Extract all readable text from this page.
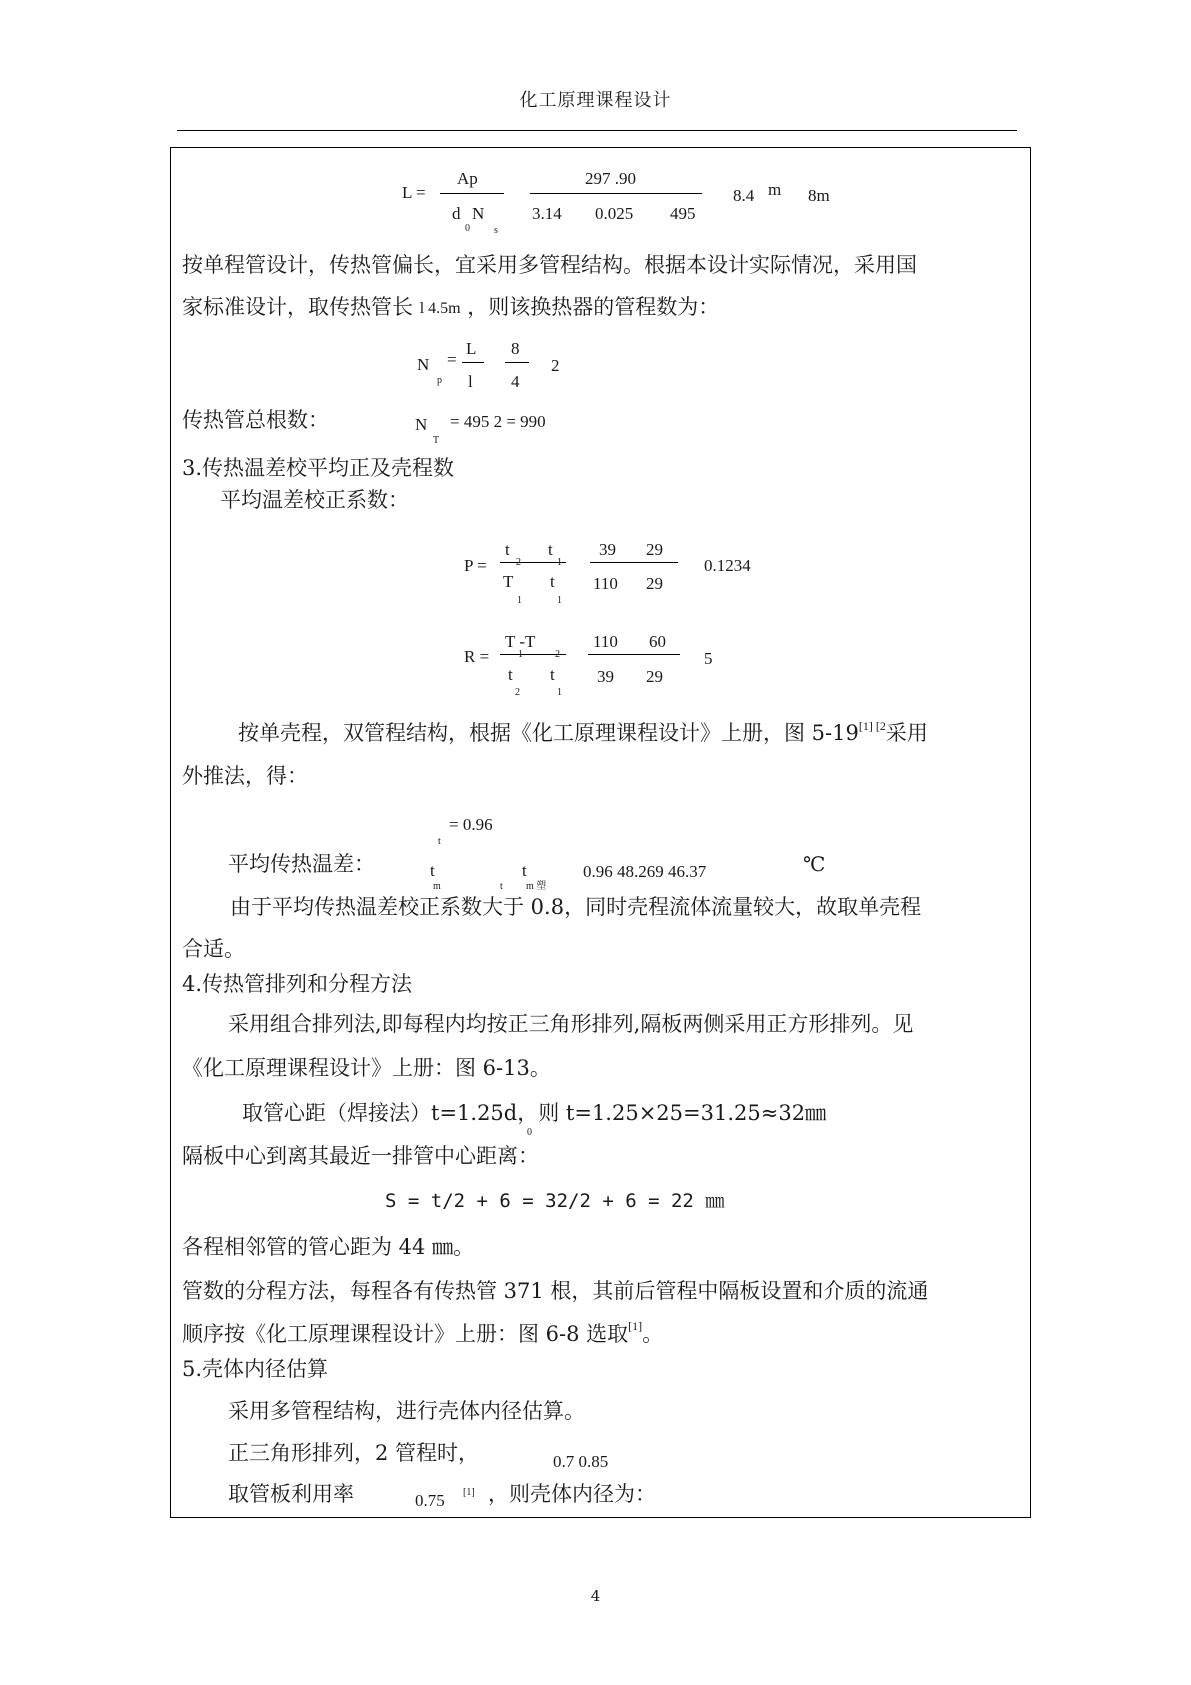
化工原理课程设计
L =
Ap
d N
0 s
297 .90
3.14 0.025 495
8.4 m 8m
按单程管设计，传热管偏长，宜采用多管程结构。根据本设计实际情况，采用国
家标准设计，取传热管长 l 4.5m ，则该换热器的管程数为：
N
p
=
L
l
8
4
2
传热管总根数：	N
T
= 495 2 = 990
3.传热温差校平均正及壳程数
平均温差校正系数：
P =
t t
T
1
t
1
39 29
110 29
0.1234
R =
T -T
t
2
t
1
110 60
39 29
5
按单壳程，双管程结构，根据《化工原理课程设计》上册，图 $5-19^{[1] [2}$采用
外推法，得：
= 0.96
t
平均传热温差：	t
m
t
t m 塑
0.96 48.269 46.37	℃
由于平均传热温差校正系数大于 0.8，同时壳程流体流量较大，故取单壳程
合适。
4.传热管排列和分程方法
采用组合排列法,即每程内均按正三角形排列,隔板两侧采用正方形排列。见
《化工原理课程设计》上册：图 6-13。
取管心距（焊接法）t=1.25d，则 t=1.25×25=31.25≈32㎜
0
隔板中心到离其最近一排管中心距离：
S = t/2 + 6 = 32/2 + 6 = 22 ㎜
各程相邻管的管心距为 44 ㎜。
管数的分程方法，每程各有传热管 371 根，其前后管程中隔板设置和介质的流通
顺序按《化工原理课程设计》上册：图 6-8 选取[1]。
5.壳体内径估算
采用多管程结构，进行壳体内径估算。
正三角形排列，2 管程时，	0.7 0.85
取管板利用率	0.75 [1] ，则壳体内径为：
4
